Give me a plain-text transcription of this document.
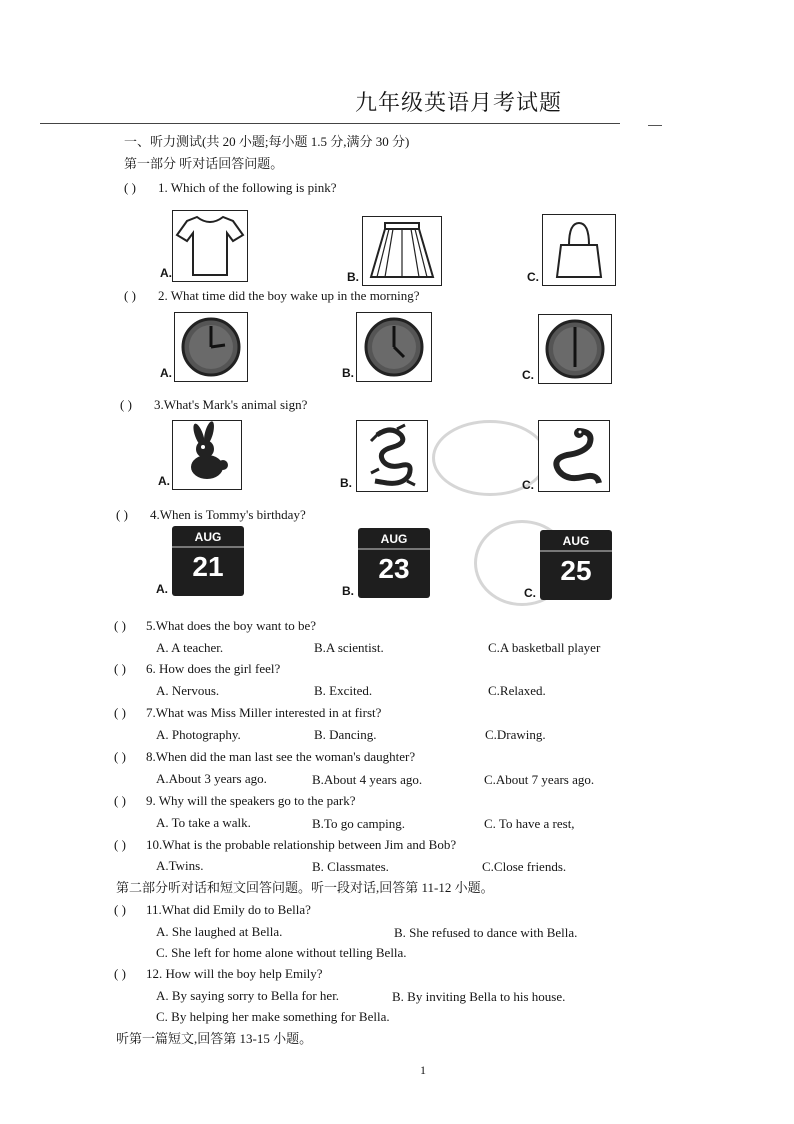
九年级英语月考试题
一、听力测试(共 20 小题;每小题 1.5 分,满分 30 分)
第一部分 听对话回答问题。
( ) 1. Which of the following is pink?
A.	B.	C.
( ) 2. What time did the boy wake up in the morning?
A.	B.	C.
( ) 3.What's Mark's animal sign?
A.	B.	C.
( ) 4.When is Tommy's birthday?
AUG
21
A.
AUG
23
B.
AUG
25
C.
( ) 5.What does the boy want to be?
A. A teacher.	B.A scientist.	C.A basketball player
( ) 6. How does the girl feel?
A. Nervous.	B. Excited.	C.Relaxed.
( ) 7.What was Miss Miller interested in at first?
A. Photography.	B. Dancing.	C.Drawing.
( ) 8.When did the man last see the woman's daughter?
A.About 3 years ago.	B.About 4 years ago.	C.About 7 years ago.
( ) 9. Why will the speakers go to the park?
A. To take a walk.	B.To go camping.	C. To have a rest,
( ) 10.What is the probable relationship between Jim and Bob?
A.Twins.	B. Classmates.	C.Close friends.
第二部分听对话和短文回答问题。听一段对话,回答第 11-12 小题。
( ) 11.What did Emily do to Bella?
A. She laughed at Bella.	B. She refused to dance with Bella.
C. She left for home alone without telling Bella.
( ) 12. How will the boy help Emily?
A. By saying sorry to Bella for her.	B. By inviting Bella to his house.
C. By helping her make something for Bella.
听第一篇短文,回答第 13-15 小题。
1
